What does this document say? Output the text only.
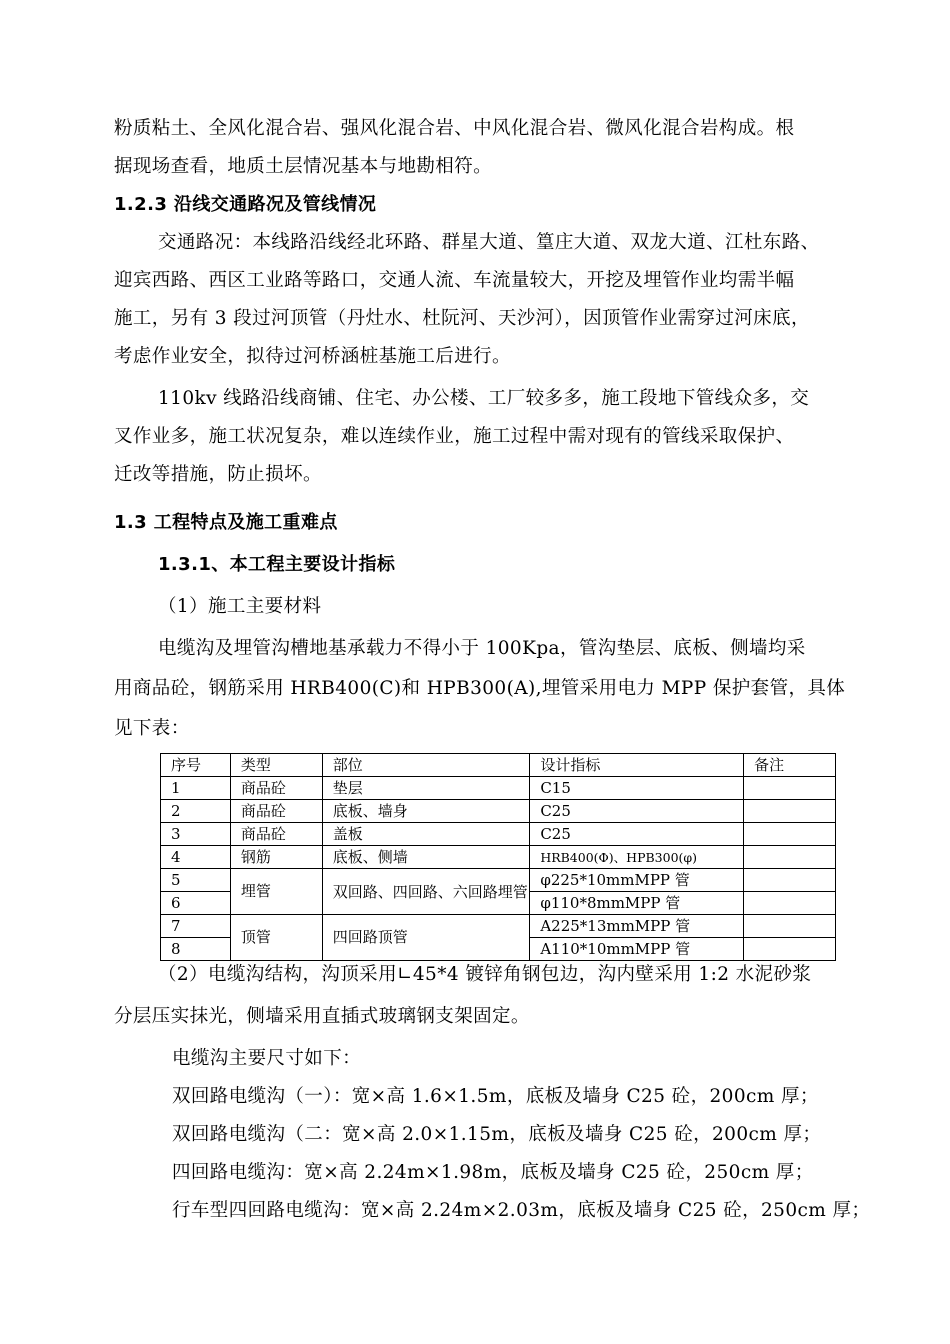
粉质粘土、全风化混合岩、强风化混合岩、中风化混合岩、微风化混合岩构成。根
据现场查看，地质土层情况基本与地勘相符。
1.2.3 沿线交通路况及管线情况
交通路况：本线路沿线经北环路、群星大道、篁庄大道、双龙大道、江杜东路、
迎宾西路、西区工业路等路口，交通人流、车流量较大，开挖及埋管作业均需半幅
施工，另有 3 段过河顶管（丹灶水、杜阮河、天沙河），因顶管作业需穿过河床底，
考虑作业安全，拟待过河桥涵桩基施工后进行。
110kv 线路沿线商铺、住宅、办公楼、工厂较多多，施工段地下管线众多，交
叉作业多，施工状况复杂，难以连续作业，施工过程中需对现有的管线采取保护、
迁改等措施，防止损坏。
1.3 工程特点及施工重难点
1.3.1、本工程主要设计指标
（1）施工主要材料
电缆沟及埋管沟槽地基承载力不得小于 100Kpa，管沟垫层、底板、侧墙均采
用商品砼，钢筋采用 HRB400(C)和 HPB300(A),埋管采用电力 MPP 保护套管，具体
见下表：
序号	类型	部位	设计指标	备注
1	商品砼	垫层	C15	
2	商品砼	底板、墙身	C25	
3	商品砼	盖板	C25	
4	钢筋	底板、侧墙	HRB400(Φ)、HPB300(φ)	
5	埋管	双回路、四回路、六回路埋管	φ225*10mmMPP 管	
6			φ110*8mmMPP 管	
7	顶管	四回路顶管	A225*13mmMPP 管	
8			A110*10mmMPP 管	
（2）电缆沟结构，沟顶采用∟45*4 镀锌角钢包边，沟内壁采用 1:2 水泥砂浆
分层压实抹光，侧墙采用直插式玻璃钢支架固定。
电缆沟主要尺寸如下：
双回路电缆沟（一）：宽×高 1.6×1.5m，底板及墙身 C25 砼，200cm 厚；
双回路电缆沟（二：宽×高 2.0×1.15m，底板及墙身 C25 砼，200cm 厚；
四回路电缆沟：宽×高 2.24m×1.98m，底板及墙身 C25 砼，250cm 厚；
行车型四回路电缆沟：宽×高 2.24m×2.03m，底板及墙身 C25 砼，250cm 厚；
